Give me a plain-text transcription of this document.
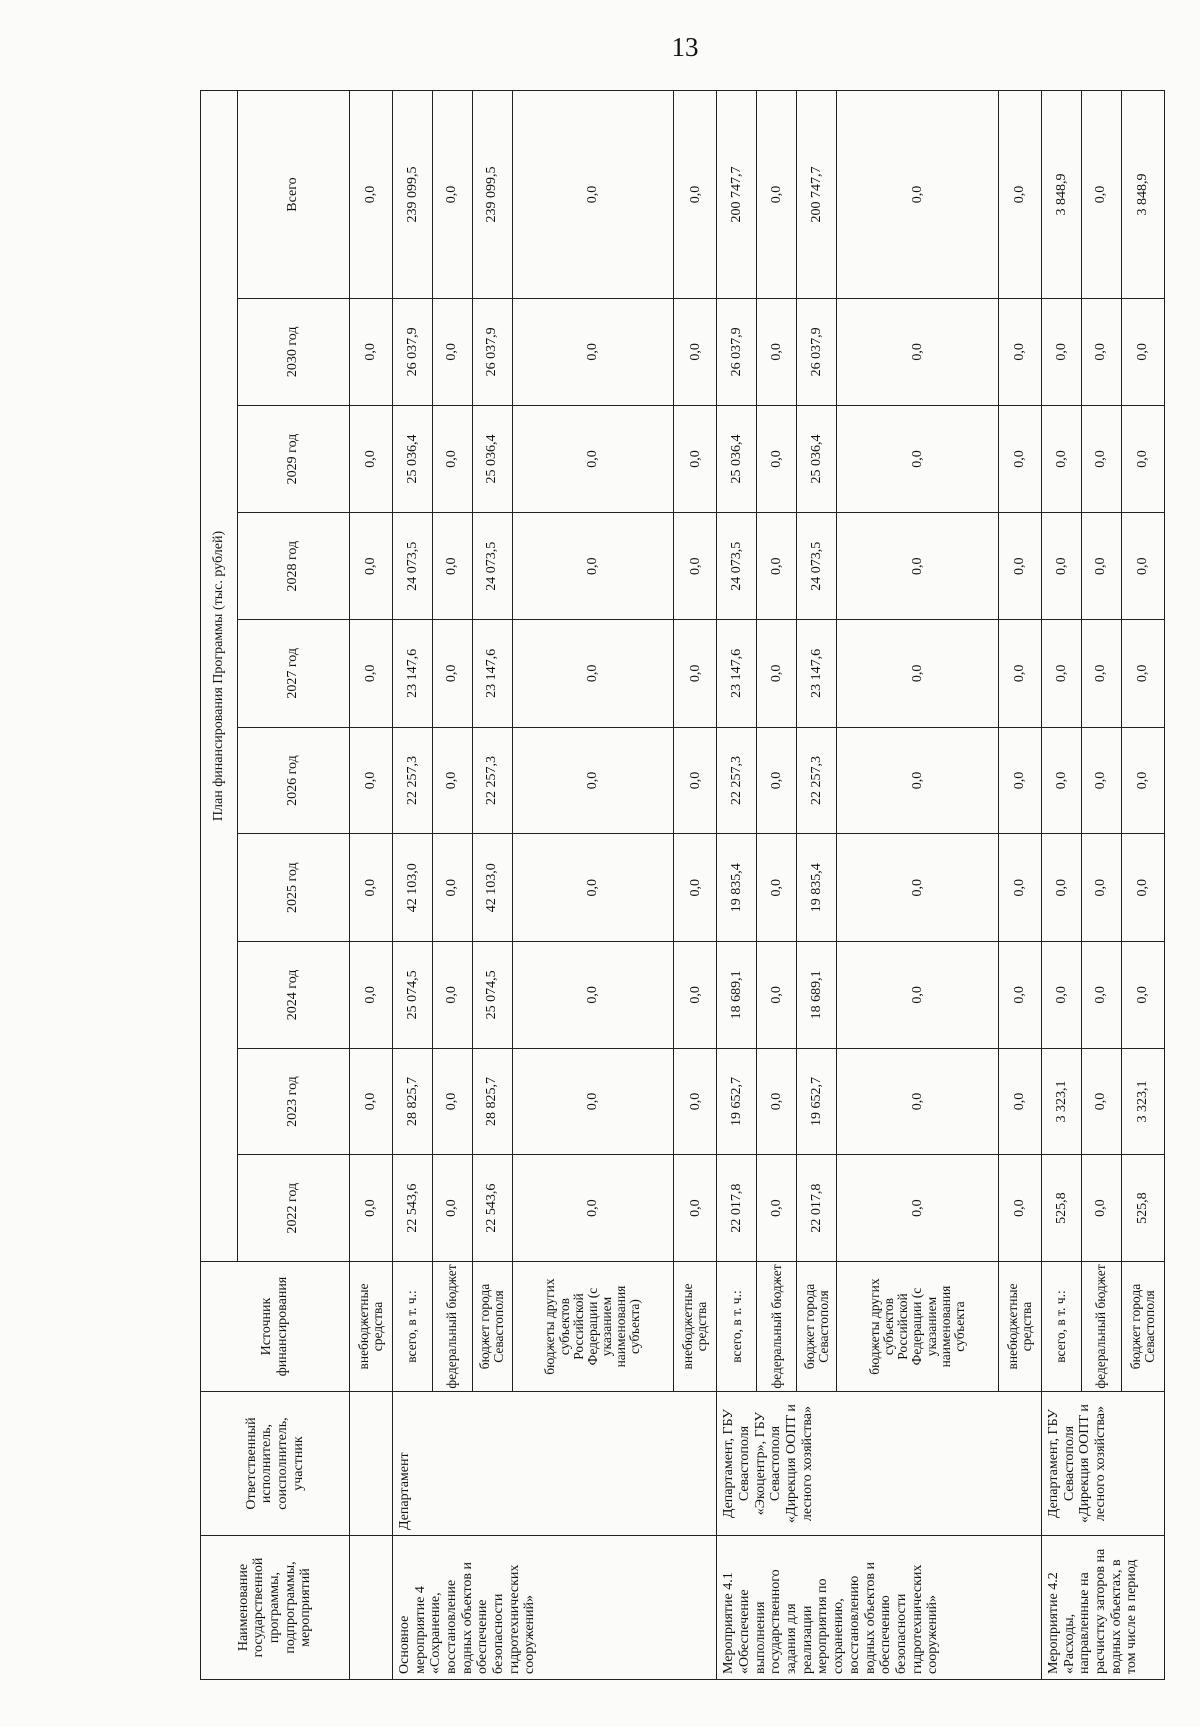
13
Наименование государственной программы, подпрограммы, мероприятий	Ответственный исполнитель, соисполнитель, участник	Источник финансирования	План финансирования Программы (тыс. рублей)									
			2022 год	2023 год	2024 год	2025 год	2026 год	2027 год	2028 год	2029 год	2030 год	Всего
		внебюджетные средства	0,0	0,0	0,0	0,0	0,0	0,0	0,0	0,0	0,0	0,0
Основное мероприятие 4 «Сохранение, восстановление водных объектов и обеспечение безопасности гидротехнических сооружений»	Департамент	всего, в т. ч.:	22 543,6	28 825,7	25 074,5	42 103,0	22 257,3	23 147,6	24 073,5	25 036,4	26 037,9	239 099,5
		федеральный бюджет	0,0	0,0	0,0	0,0	0,0	0,0	0,0	0,0	0,0	0,0
		бюджет города Севастополя	22 543,6	28 825,7	25 074,5	42 103,0	22 257,3	23 147,6	24 073,5	25 036,4	26 037,9	239 099,5
		бюджеты других субъектов Российской Федерации (с указанием наименования субъекта)	0,0	0,0	0,0	0,0	0,0	0,0	0,0	0,0	0,0	0,0
		внебюджетные средства	0,0	0,0	0,0	0,0	0,0	0,0	0,0	0,0	0,0	0,0
Мероприятие 4.1 «Обеспечение выполнения государственного задания для реализации мероприятия по сохранению, восстановлению водных объектов и обеспечению безопасности гидротехнических сооружений»	Департамент, ГБУ Севастополя «Экоцентр», ГБУ Севастополя «Дирекция ООПТ и лесного хозяйства»	всего, в т. ч.:	22 017,8	19 652,7	18 689,1	19 835,4	22 257,3	23 147,6	24 073,5	25 036,4	26 037,9	200 747,7
		федеральный бюджет	0,0	0,0	0,0	0,0	0,0	0,0	0,0	0,0	0,0	0,0
		бюджет города Севастополя	22 017,8	19 652,7	18 689,1	19 835,4	22 257,3	23 147,6	24 073,5	25 036,4	26 037,9	200 747,7
		бюджеты других субъектов Российской Федерации (с указанием наименования субъекта	0,0	0,0	0,0	0,0	0,0	0,0	0,0	0,0	0,0	0,0
		внебюджетные средства	0,0	0,0	0,0	0,0	0,0	0,0	0,0	0,0	0,0	0,0
Мероприятие 4.2 «Расходы, направленные на расчистку заторов на водных объектах, в том числе в период	Департамент, ГБУ Севастополя «Дирекция ООПТ и лесного хозяйства»	всего, в т. ч.:	525,8	3 323,1	0,0	0,0	0,0	0,0	0,0	0,0	0,0	3 848,9
		федеральный бюджет	0,0	0,0	0,0	0,0	0,0	0,0	0,0	0,0	0,0	0,0
		бюджет города Севастополя	525,8	3 323,1	0,0	0,0	0,0	0,0	0,0	0,0	0,0	3 848,9
